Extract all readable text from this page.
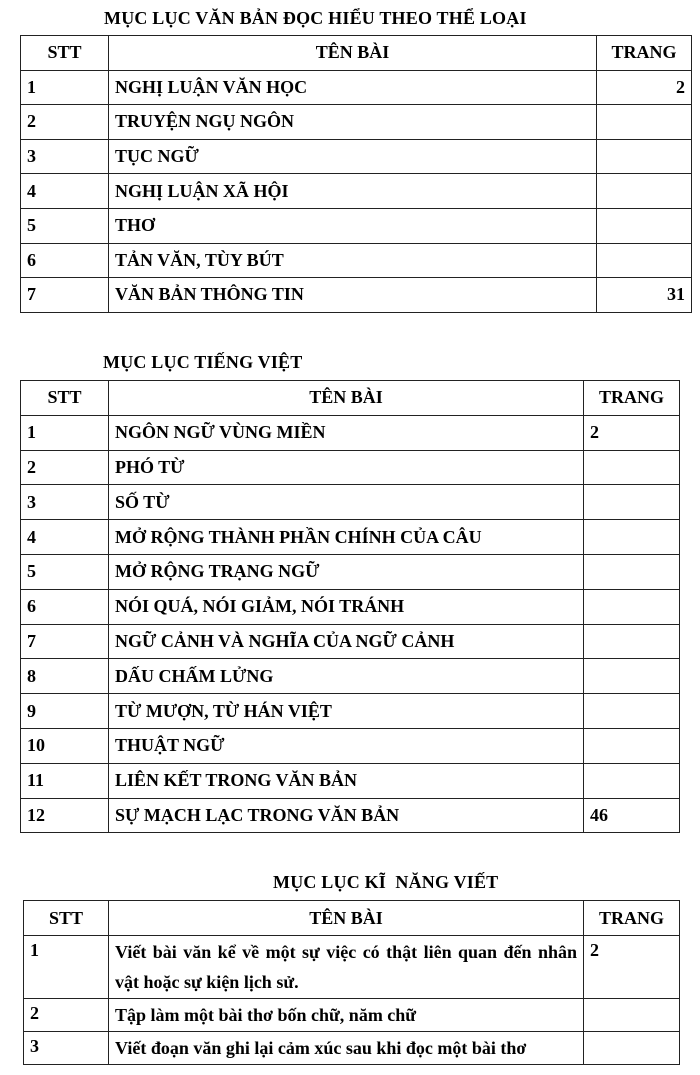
MỤC LỤC VĂN BẢN ĐỌC HIỂU THEO THỂ LOẠI
STT	TÊN BÀI	TRANG
1	NGHỊ LUẬN VĂN HỌC	2
2	TRUYỆN NGỤ NGÔN	
3	TỤC NGỮ	
4	NGHỊ LUẬN XÃ HỘI	
5	THƠ	
6	TẢN VĂN, TÙY BÚT	
7	VĂN BẢN THÔNG TIN	31
MỤC LỤC TIẾNG VIỆT
STT	TÊN BÀI	TRANG
1	NGÔN NGỮ VÙNG MIỀN	2
2	PHÓ TỪ	
3	SỐ TỪ	
4	MỞ RỘNG THÀNH PHẦN CHÍNH CỦA CÂU	
5	MỞ RỘNG TRẠNG NGỮ	
6	NÓI QUÁ, NÓI GIẢM, NÓI TRÁNH	
7	NGỮ CẢNH VÀ NGHĨA CỦA NGỮ CẢNH	
8	DẤU CHẤM LỬNG	
9	TỪ MƯỢN, TỪ HÁN VIỆT	
10	THUẬT NGỮ	
11	LIÊN KẾT TRONG VĂN BẢN	
12	SỰ MẠCH LẠC TRONG VĂN BẢN	46
MỤC LỤC KĨ  NĂNG VIẾT
STT	TÊN BÀI	TRANG
1	Viết bài văn kể về một sự việc có thật liên quan đến nhân vật hoặc sự kiện lịch sử.	2
2	Tập làm một bài thơ bốn chữ, năm chữ	
3	Viết đoạn văn ghi lại cảm xúc sau khi đọc một bài thơ	
